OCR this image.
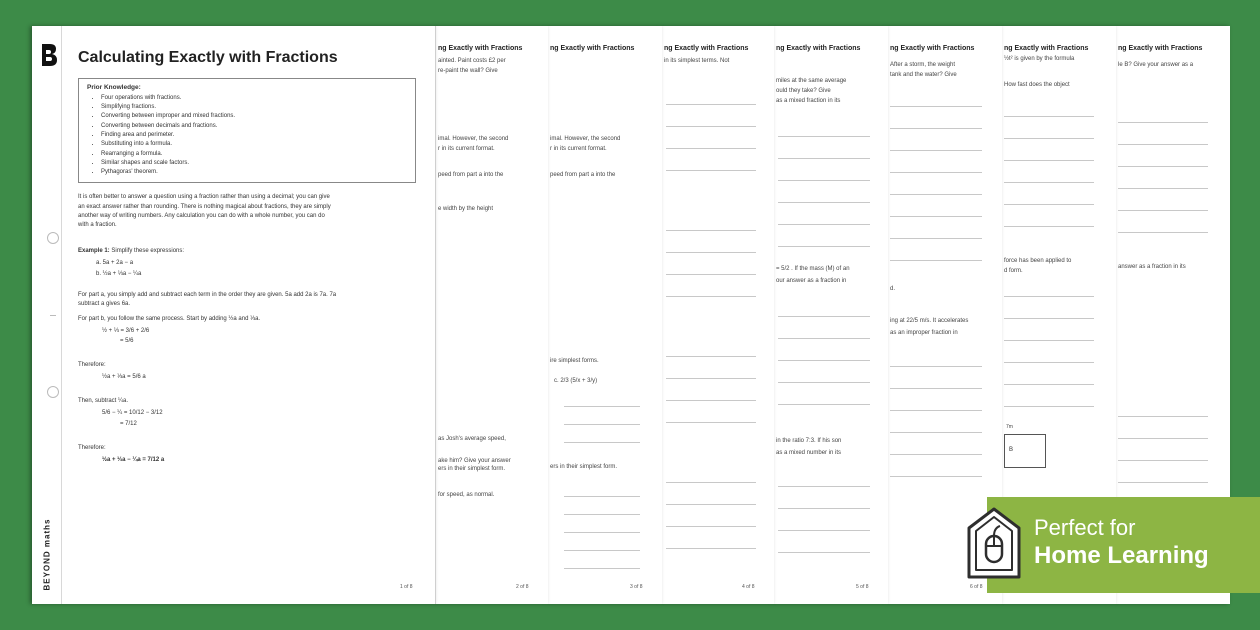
ng Exactly with Fractions
le B? Give your answer as a
answer as a fraction in its
ng Exactly with Fractions
½t² is given by the formula
How fast does the object
force has been applied to
d form.
7m
B
ng Exactly with Fractions
After a storm, the weight
tank and the water? Give
d.
ing at 22/5 m/s. It accelerates
as an improper fraction in
6 of 8
ng Exactly with Fractions
miles at the same average
ould they take? Give
as a mixed fraction in its
= 5/2 . If the mass (M) of an
our answer as a fraction in
in the ratio 7:3. If his son
as a mixed number in its
5 of 8
ng Exactly with Fractions
in its simplest terms. Not
4 of 8
ng Exactly with Fractions
imal. However, the second
r in its current format.
peed from part a into the
ire simplest forms.
c. 2/3 (5/x + 3/y)
ers in their simplest form.
3 of 8
ng Exactly with Fractions
ainted. Paint costs £2 per
re-paint the wall? Give
imal. However, the second
r in its current format.
peed from part a into the
e width by the height
as Josh's average speed,
ake him? Give your answer
ers in their simplest form.
for speed, as normal.
2 of 8
BEYOND maths
Calculating Exactly with Fractions
Prior Knowledge:
• Four operations with fractions.
• Simplifying fractions.
• Converting between improper and mixed fractions.
• Converting between decimals and fractions.
• Finding area and perimeter.
• Substituting into a formula.
• Rearranging a formula.
• Similar shapes and scale factors.
• Pythagoras' theorem.
It is often better to answer a question using a fraction rather than using a decimal; you can give
an exact answer rather than rounding. There is nothing magical about fractions, they are simply
another way of writing numbers. Any calculation you can do with a whole number, you can do
with a fraction.
Example 1: Simplify these expressions:
a. 5a + 2a − a
b. ½a + ⅓a − ¼a
For part a, you simply add and subtract each term in the order they are given. 5a add 2a is 7a. 7a
subtract a gives 6a.
For part b, you follow the same process. Start by adding ½a and ⅓a.
½ + ⅓ = 3/6 + 2/6
= 5/6
Therefore:
½a + ⅓a = 5/6 a
Then, subtract ¼a.
5/6 − ¼ = 10/12 − 3/12
= 7/12
Therefore:
½a + ⅓a − ¼a = 7/12 a
1 of 8
Perfect for
Home Learning
